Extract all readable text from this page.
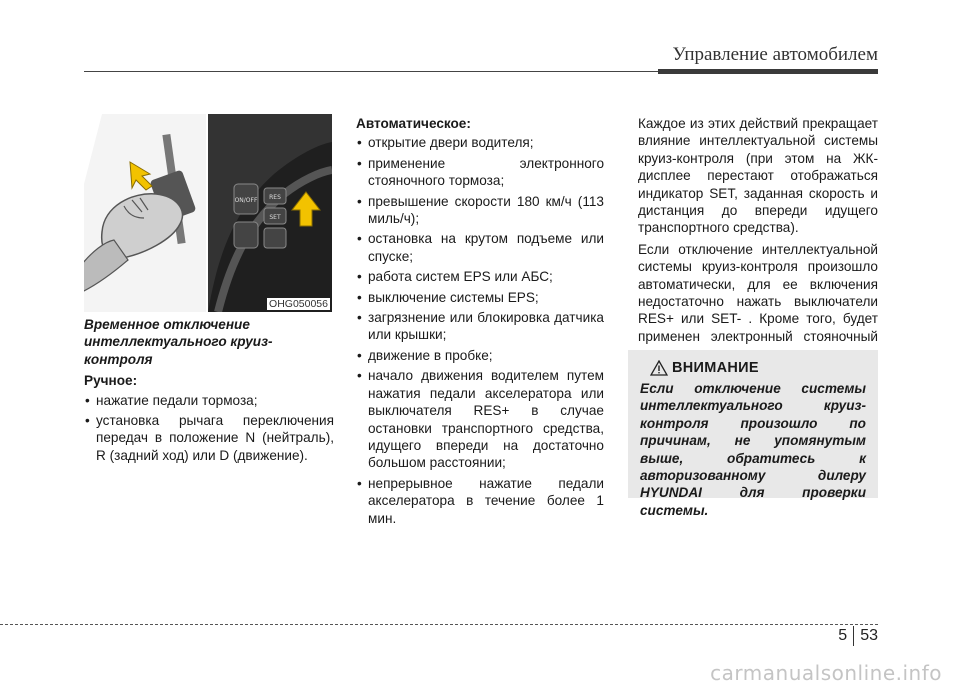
Управление автомобилем
ON/OFF RES
SET
OHG050056

Временное отключение интеллектуального круиз-контроля

Ручное:

• нажатие педали тормоза;
• установка рычага переключения передач в положение N (нейтраль), R (задний ход) или D (движение).

Автоматическое:

• открытие двери водителя;
• применение электронного стояночного тормоза;
• превышение скорости 180 км/ч (113 миль/ч);
• остановка на крутом подъеме или спуске;
• работа систем EPS или АБС;
• выключение системы EPS;
• загрязнение или блокировка датчика или крышки;
• движение в пробке;
• начало движения водителем путем нажатия педали акселератора или выключателя RES+ в случае остановки транспортного средства, идущего впереди на достаточно большом расстоянии;
• непрерывное нажатие педали акселератора в течение более 1 мин.

Каждое из этих действий прекращает влияние интеллектуальной системы круиз-контроля (при этом на ЖК-дисплее перестают отображаться индикатор SET, заданная скорость и дистанция до впереди идущего транспортного средства).

Если отключение интеллектуальной системы круиз-контроля произошло автоматически, для ее включения недостаточно нажать выключатели RES+ или SET- . Кроме того, будет применен электронный стояночный

ВНИМАНИЕ
Если отключение системы интеллектуального круиз-контроля произошло по причинам, не упомянутым выше, обратитесь к авторизованному дилеру HYUNDAI для проверки системы.
5 53
carmanualsonline.info
